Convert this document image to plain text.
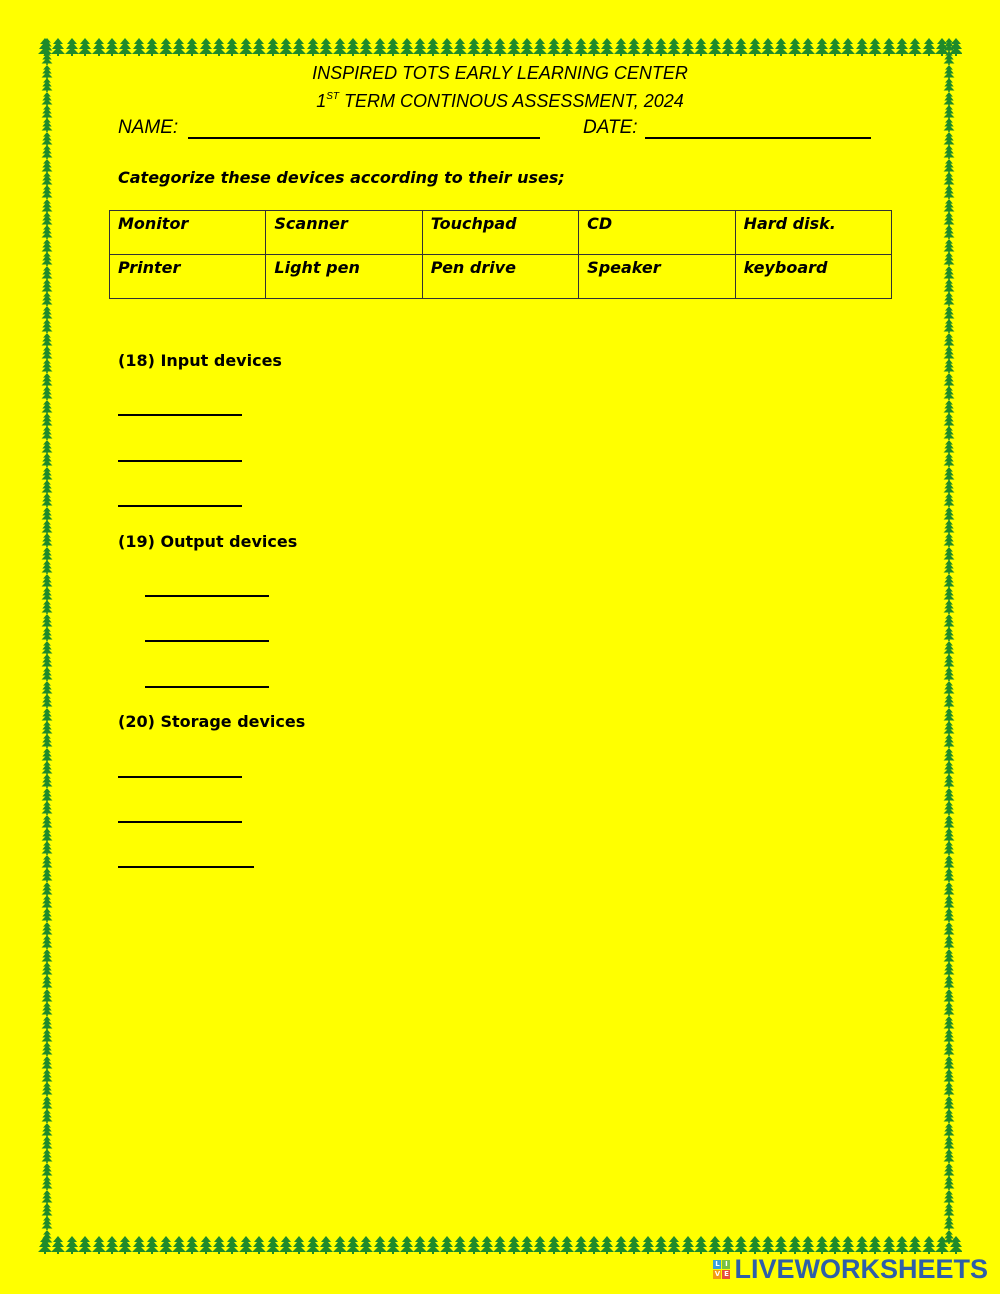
INSPIRED TOTS EARLY LEARNING CENTER
1ST TERM CONTINOUS ASSESSMENT, 2024
NAME:	DATE:
Categorize these devices according to their uses;
Monitor	Scanner	Touchpad	CD	Hard disk.
Printer	Light pen	Pen drive	Speaker	keyboard
(18) Input devices
(19) Output devices
(20) Storage devices
L I
V E LIVEWORKSHEETS
